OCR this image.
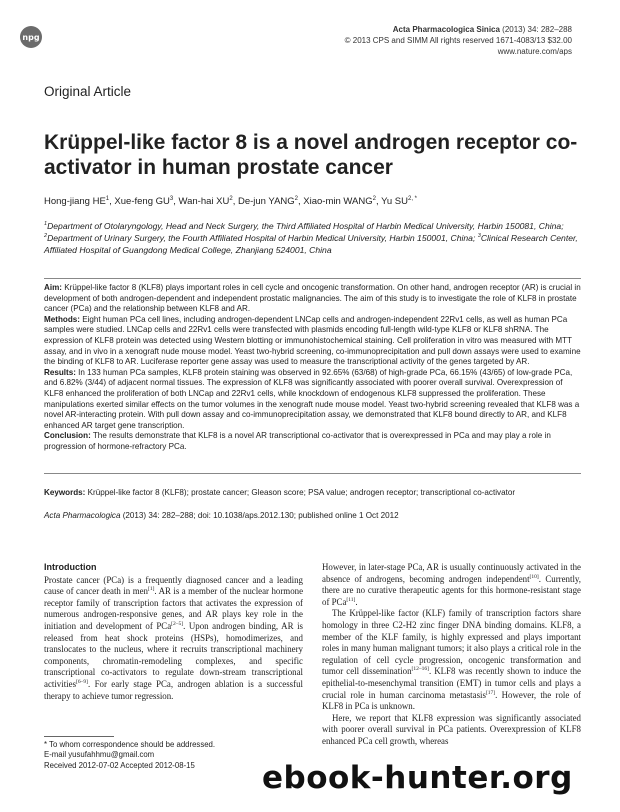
npg
Acta Pharmacologica Sinica (2013) 34: 282–288
© 2013 CPS and SIMM All rights reserved 1671-4083/13 $32.00
www.nature.com/aps
Original Article
Krüppel-like factor 8 is a novel androgen receptor co-activator in human prostate cancer
Hong-jiang $HE^1$, Xue-feng $GU^3$, Wan-hai $XU^2$, De-jun YANG$^2$, Xiao-min WANG$^2$, Yu $SU^{2, *}$
$^1$Department of Otolaryngology, Head and Neck Surgery, the Third Affiliated Hospital of Harbin Medical University, Harbin 150081, China; $^2$Department of Urinary Surgery, the Fourth Affiliated Hospital of Harbin Medical University, Harbin 150001, China; $^3$Clinical Research Center, Affiliated Hospital of Guangdong Medical College, Zhanjiang 524001, China

Aim: Krüppel-like factor 8 (KLF8) plays important roles in cell cycle and oncogenic transformation. On other hand, androgen receptor (AR) is crucial in development of both androgen-dependent and independent prostatic malignancies. The aim of this study is to investigate the role of KLF8 in prostate cancer (PCa) and the relationship between KLF8 and AR.

Methods: Eight human PCa cell lines, including androgen-dependent LNCap cells and androgen-independent 22Rv1 cells, as well as human PCa samples were studied. LNCap cells and 22Rv1 cells were transfected with plasmids encoding full-length wild-type KLF8 or KLF8 shRNA. The expression of KLF8 protein was detected using Western blotting or immunohistochemical staining. Cell proliferation in vitro was measured with MTT assay, and in vivo in a xenograft nude mouse model. Yeast two-hybrid screening, co-immunoprecipitation and pull down assays were used to examine the binding of KLF8 to AR. Luciferase reporter gene assay was used to measure the transcriptional activity of the genes targeted by AR.

Results: In 133 human PCa samples, KLF8 protein staining was observed in 92.65% (63/68) of high-grade PCa, 66.15% (43/65) of low-grade PCa, and 6.82% (3/44) of adjacent normal tissues. The expression of KLF8 was significantly associated with poorer overall survival. Overexpression of KLF8 enhanced the proliferation of both LNCap and 22Rv1 cells, while knockdown of endogenous KLF8 suppressed the proliferation. These manipulations exerted similar effects on the tumor volumes in the xenograft nude mouse model. Yeast two-hybrid screening revealed that KLF8 was a novel AR-interacting protein. With pull down assay and co-immunoprecipitation assay, we demonstrated that KLF8 bound directly to AR, and KLF8 enhanced AR target gene transcription.

Conclusion: The results demonstrate that KLF8 is a novel AR transcriptional co-activator that is overexpressed in PCa and may play a role in progression of hormone-refractory PCa.

Keywords: Krüppel-like factor 8 (KLF8); prostate cancer; Gleason score; PSA value; androgen receptor; transcriptional co-activator
Acta Pharmacologica (2013) 34: 282–288; doi: 10.1038/aps.2012.130; published online 1 Oct 2012
Introduction

Prostate cancer (PCa) is a frequently diagnosed cancer and a leading cause of cancer death in men[1]. AR is a member of the nuclear hormone receptor family of transcription factors that activates the expression of numerous androgen-responsive genes, and AR plays key role in the initiation and development of PCa[2–5]. Upon androgen binding, AR is released from heat shock proteins (HSPs), homodimerizes, and translocates to the nucleus, where it recruits transcriptional machinery components, chromatin-remodeling complexes, and specific transcriptional co-activators to regulate down-stream transcriptional activities[6–9]. For early stage PCa, androgen ablation is a successful therapy to achieve tumor regression.

However, in later-stage PCa, AR is usually continuously activated in the absence of androgens, becoming androgen independent[10]. Currently, there are no curative therapeutic agents for this hormone-resistant stage of PCa[11].

The Krüppel-like factor (KLF) family of transcription factors share homology in three C2-H2 zinc finger DNA binding domains. KLF8, a member of the KLF family, is highly expressed and plays important roles in many human malignant tumors; it also plays a critical role in the regulation of cell cycle progression, oncogenic transformation and tumor cell dissemination[12–16]. KLF8 was recently shown to induce the epithelial-to-mesenchymal transition (EMT) in tumor cells and plays a crucial role in human carcinoma metastasis[17]. However, the role of KLF8 in PCa is unknown.

Here, we report that KLF8 expression was significantly associated with poorer overall survival in PCa patients. Overexpression of KLF8 enhanced PCa cell growth, whereas

* To whom correspondence should be addressed.
E-mail yusufahhmu@gmail.com
Received 2012-07-02 Accepted 2012-08-15	ebook-hunter.org
